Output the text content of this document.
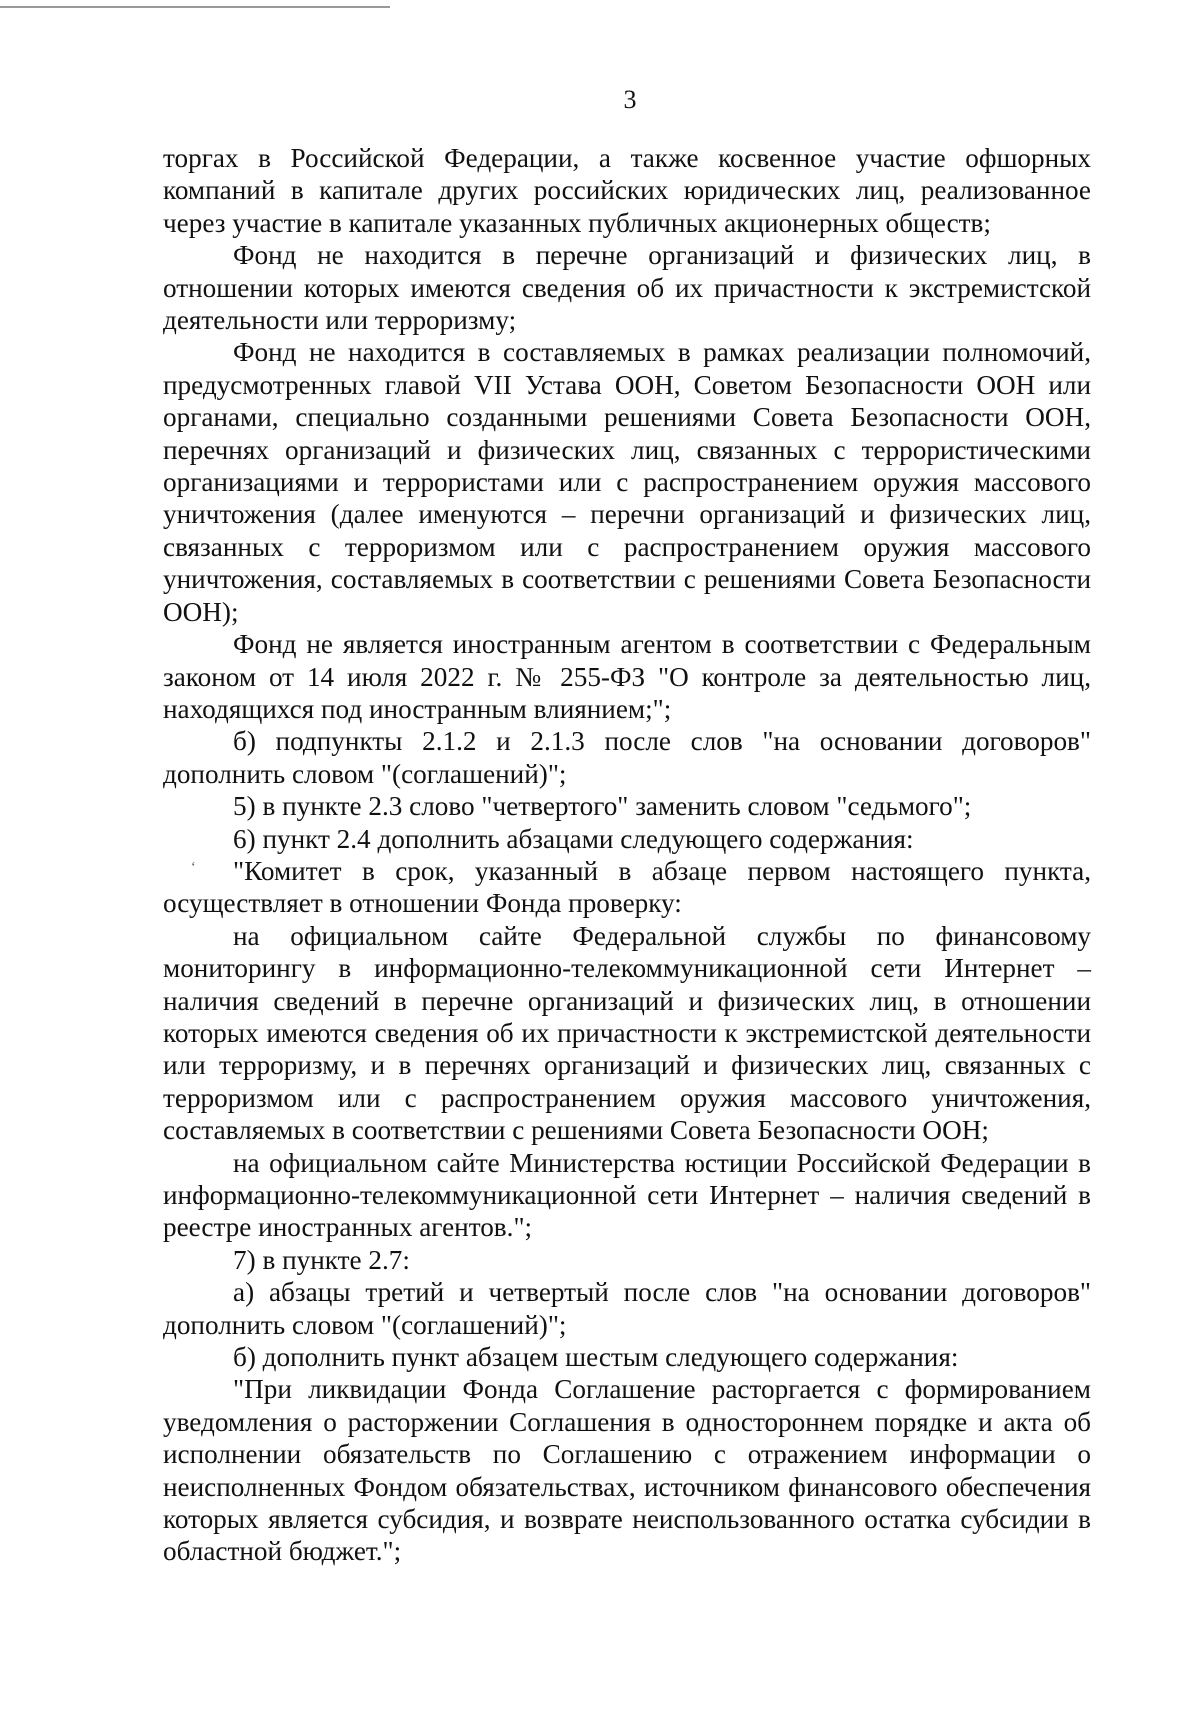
3

торгах в Российской Федерации, а также косвенное участие офшорных компаний в капитале других российских юридических лиц, реализованное через участие в капитале указанных публичных акционерных обществ;

Фонд не находится в перечне организаций и физических лиц, в отношении которых имеются сведения об их причастности к экстремистской деятельности или терроризму;

Фонд не находится в составляемых в рамках реализации полномочий, предусмотренных главой VII Устава ООН, Советом Безопасности ООН или органами, специально созданными решениями Совета Безопасности ООН, перечнях организаций и физических лиц, связанных с террористическими организациями и террористами или с распространением оружия массового уничтожения (далее именуются – перечни организаций и физических лиц, связанных с терроризмом или с распространением оружия массового уничтожения, составляемых в соответствии с решениями Совета Безопасности ООН);

Фонд не является иностранным агентом в соответствии с Федеральным законом от 14 июля 2022 г. № 255-ФЗ "О контроле за деятельностью лиц, находящихся под иностранным влиянием;";

б) подпункты 2.1.2 и 2.1.3 после слов "на основании договоров" дополнить словом "(соглашений)";

5) в пункте 2.3 слово "четвертого" заменить словом "седьмого";

6) пункт 2.4 дополнить абзацами следующего содержания:

"Комитет в срок, указанный в абзаце первом настоящего пункта, осуществляет в отношении Фонда проверку:

на официальном сайте Федеральной службы по финансовому мониторингу в информационно-телекоммуникационной сети Интернет – наличия сведений в перечне организаций и физических лиц, в отношении которых имеются сведения об их причастности к экстремистской деятельности или терроризму, и в перечнях организаций и физических лиц, связанных с терроризмом или с распространением оружия массового уничтожения, составляемых в соответствии с решениями Совета Безопасности ООН;

на официальном сайте Министерства юстиции Российской Федерации в информационно-телекоммуникационной сети Интернет – наличия сведений в реестре иностранных агентов.";

7) в пункте 2.7:

а) абзацы третий и четвертый после слов "на основании договоров" дополнить словом "(соглашений)";

б) дополнить пункт абзацем шестым следующего содержания:

"При ликвидации Фонда Соглашение расторгается с формированием уведомления о расторжении Соглашения в одностороннем порядке и акта об исполнении обязательств по Соглашению с отражением информации о неисполненных Фондом обязательствах, источником финансового обеспечения которых является субсидия, и возврате неиспользованного остатка субсидии в областной бюджет.";

‘
